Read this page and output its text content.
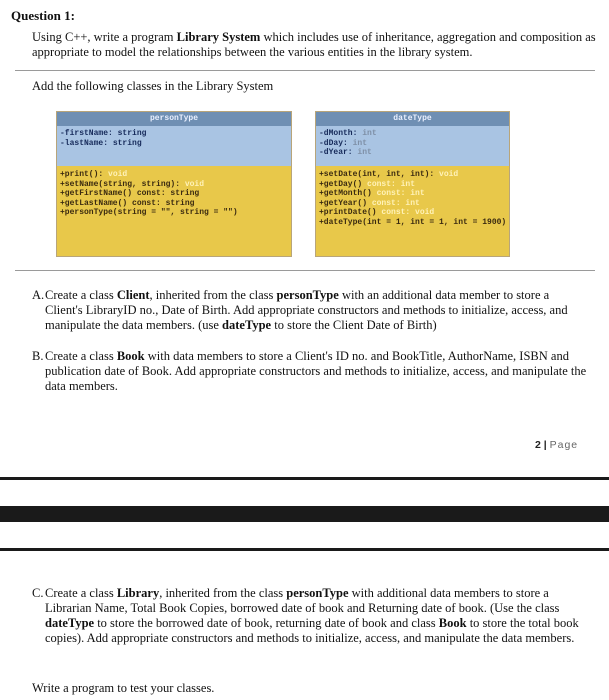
Question 1:
Using C++, write a program Library System which includes use of inheritance, aggregation and composition as appropriate to model the relationships between the various entities in the library system.
Add the following classes in the Library System
personType
-firstName: string
-lastName: string
+print(): void
+setName(string, string): void
+getFirstName() const: string
+getLastName() const: string
+personType(string = "", string = "")
dateType
-dMonth: int
-dDay: int
-dYear: int
+setDate(int, int, int): void
+getDay() const: int
+getMonth() const: int
+getYear() const: int
+printDate() const: void
+dateType(int = 1, int = 1, int = 1900)
A. Create a class Client, inherited from the class personType with an additional data member to store a Client's LibraryID no., Date of Birth. Add appropriate constructors and methods to initialize, access, and manipulate the data members. (use dateType to store the Client Date of Birth)
B. Create a class Book with data members to store a Client's ID no. and BookTitle, AuthorName, ISBN and publication date of Book. Add appropriate constructors and methods to initialize, access, and manipulate the data members.
2 | Page
C. Create a class Library, inherited from the class personType with additional data members to store a Librarian Name, Total Book Copies, borrowed date of book and Returning date of book. (Use the class dateType to store the borrowed date of book, returning date of book and class Book to store the total book copies). Add appropriate constructors and methods to initialize, access, and manipulate the data members.
Write a program to test your classes.
